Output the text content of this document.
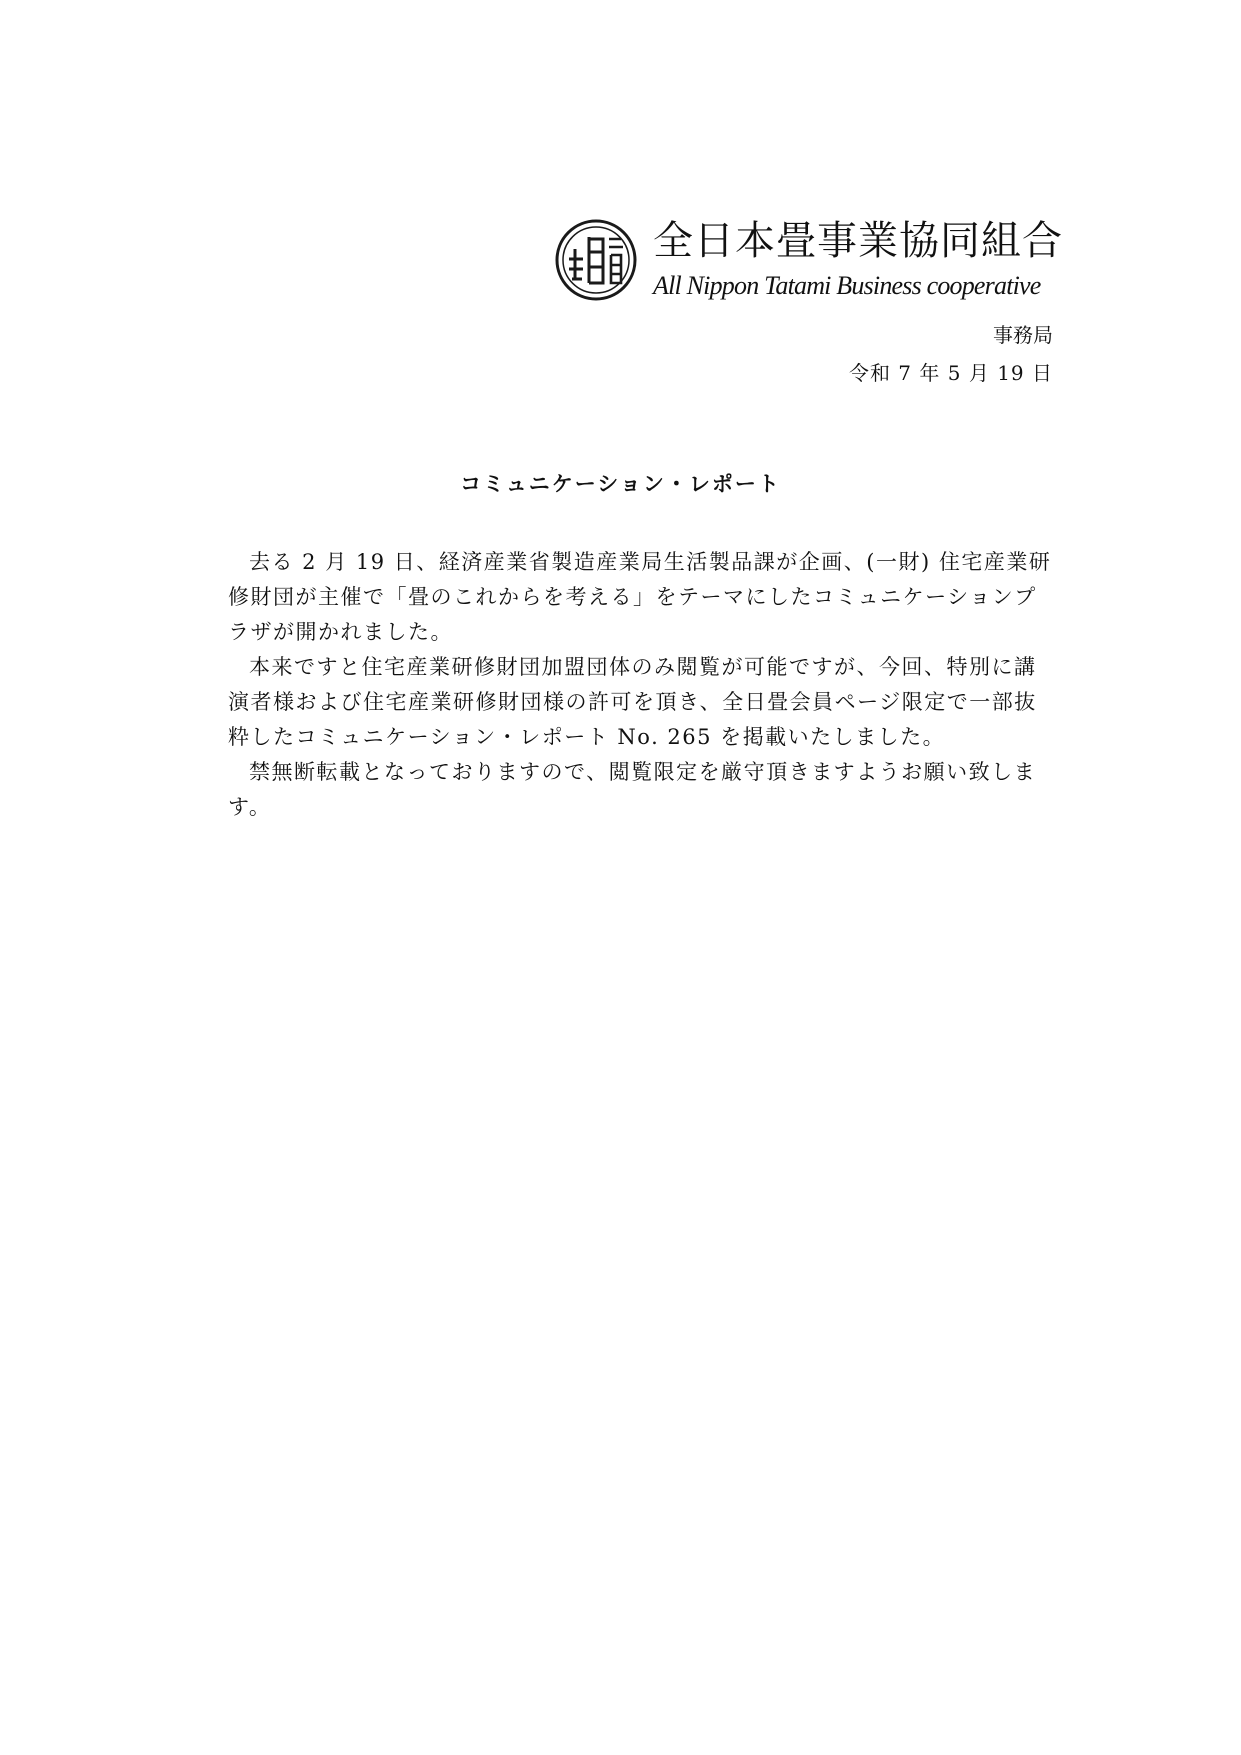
全日本畳事業協同組合
All Nippon Tatami Business cooperative
事務局
令和 7 年 5 月 19 日
コミュニケーション・レポート

去る 2 月 19 日、経済産業省製造産業局生活製品課が企画、(一財) 住宅産業研修財団が主催で「畳のこれからを考える」をテーマにしたコミュニケーションプラザが開かれました。

本来ですと住宅産業研修財団加盟団体のみ閲覧が可能ですが、今回、特別に講演者様および住宅産業研修財団様の許可を頂き、全日畳会員ページ限定で一部抜粋したコミュニケーション・レポート No. 265 を掲載いたしました。

禁無断転載となっておりますので、閲覧限定を厳守頂きますようお願い致します。
